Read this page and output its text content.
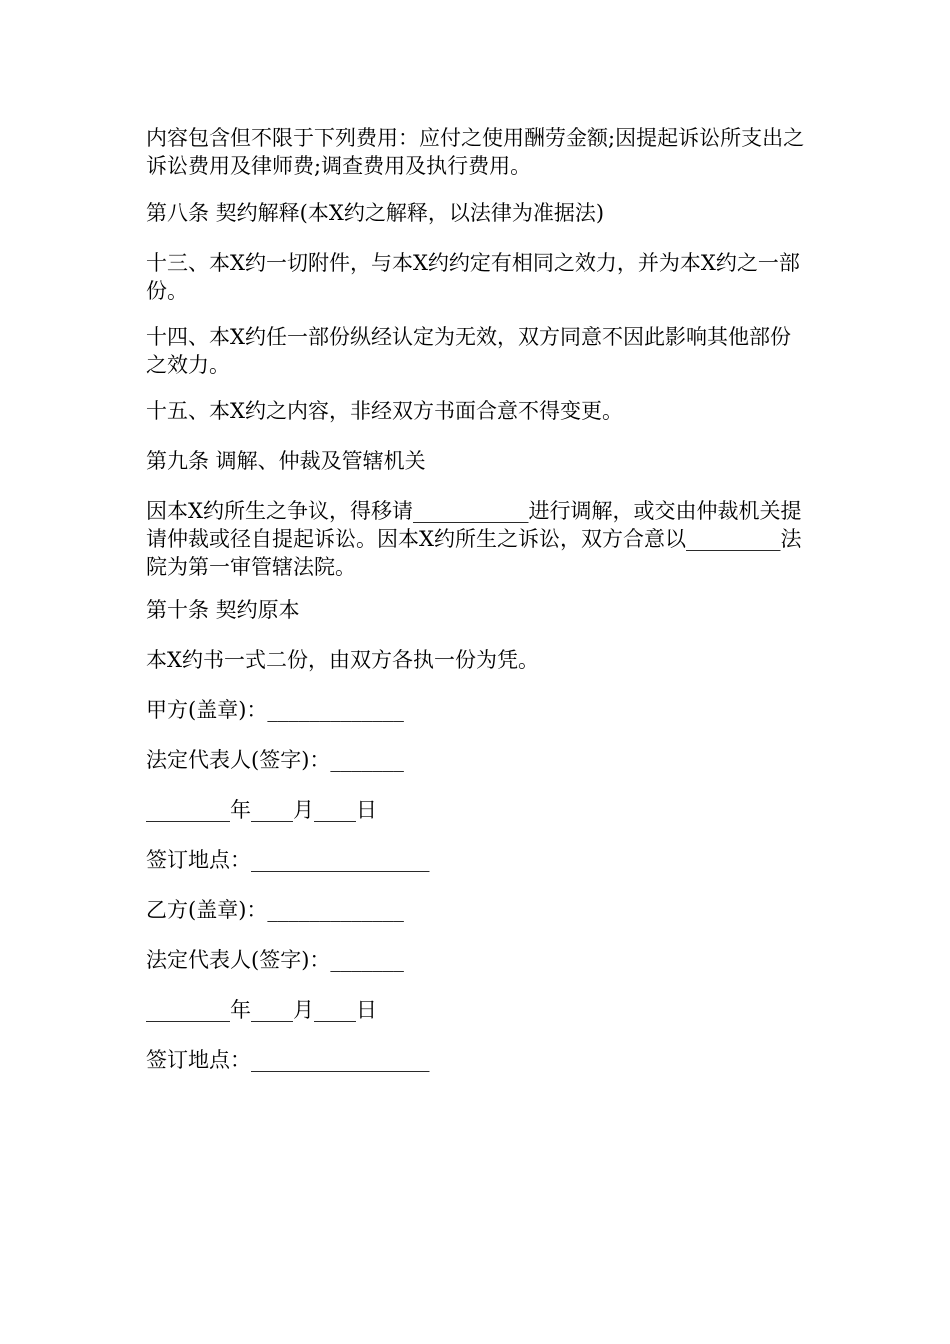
内容包含但不限于下列费用：应付之使用酬劳金额;因提起诉讼所支出之诉讼费用及律师费;调查费用及执行费用。

第八条 契约解释(本X约之解释，以法律为准据法)

十三、本X约一切附件，与本X约约定有相同之效力，并为本X约之一部份。

十四、本X约任一部份纵经认定为无效，双方同意不因此影响其他部份之效力。

十五、本X约之内容，非经双方书面合意不得变更。

第九条 调解、仲裁及管辖机关

因本X约所生之争议，得移请___________进行调解，或交由仲裁机关提请仲裁或径自提起诉讼。因本X约所生之诉讼，双方合意以_________法院为第一审管辖法院。

第十条 契约原本

本X约书一式二份，由双方各执一份为凭。

甲方(盖章)：_____________

法定代表人(签字)：_______

________年____月____日

签订地点：_________________

乙方(盖章)：_____________

法定代表人(签字)：_______

________年____月____日

签订地点：_________________
